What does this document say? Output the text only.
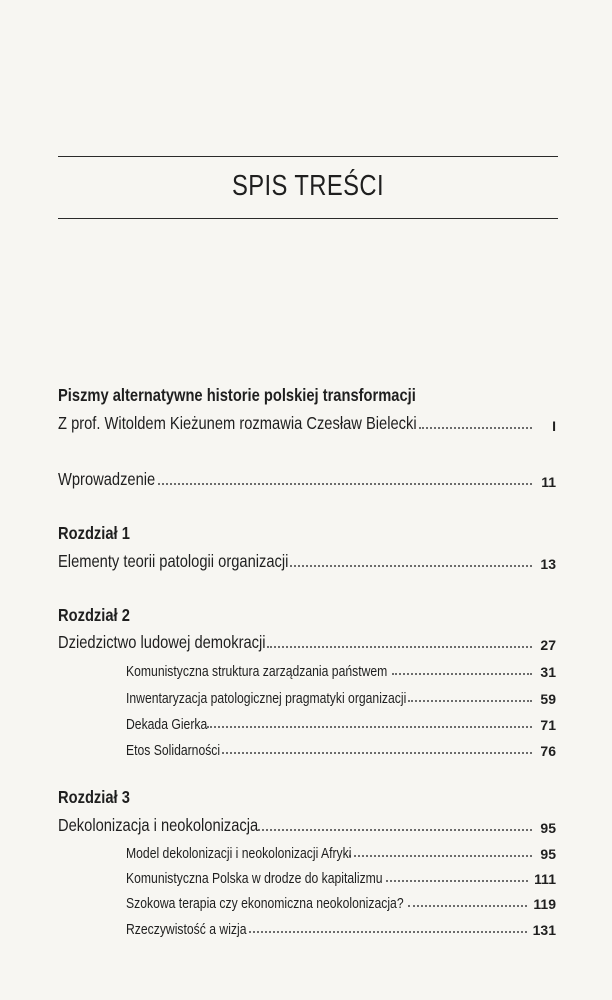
SPIS TREŚCI
Piszmy alternatywne historie polskiej transformacji
Z prof. Witoldem Kieżunem rozmawia Czesław Bielecki	I
Wprowadzenie	11
Rozdział 1
Elementy teorii patologii organizacji	13
Rozdział 2
Dziedzictwo ludowej demokracji	27
Komunistyczna struktura zarządzania państwem	31
Inwentaryzacja patologicznej pragmatyki organizacji	59
Dekada Gierka	71
Etos Solidarności	76
Rozdział 3
Dekolonizacja i neokolonizacja	95
Model dekolonizacji i neokolonizacji Afryki	95
Komunistyczna Polska w drodze do kapitalizmu	111
Szokowa terapia czy ekonomiczna neokolonizacja?	119
Rzeczywistość a wizja	131
